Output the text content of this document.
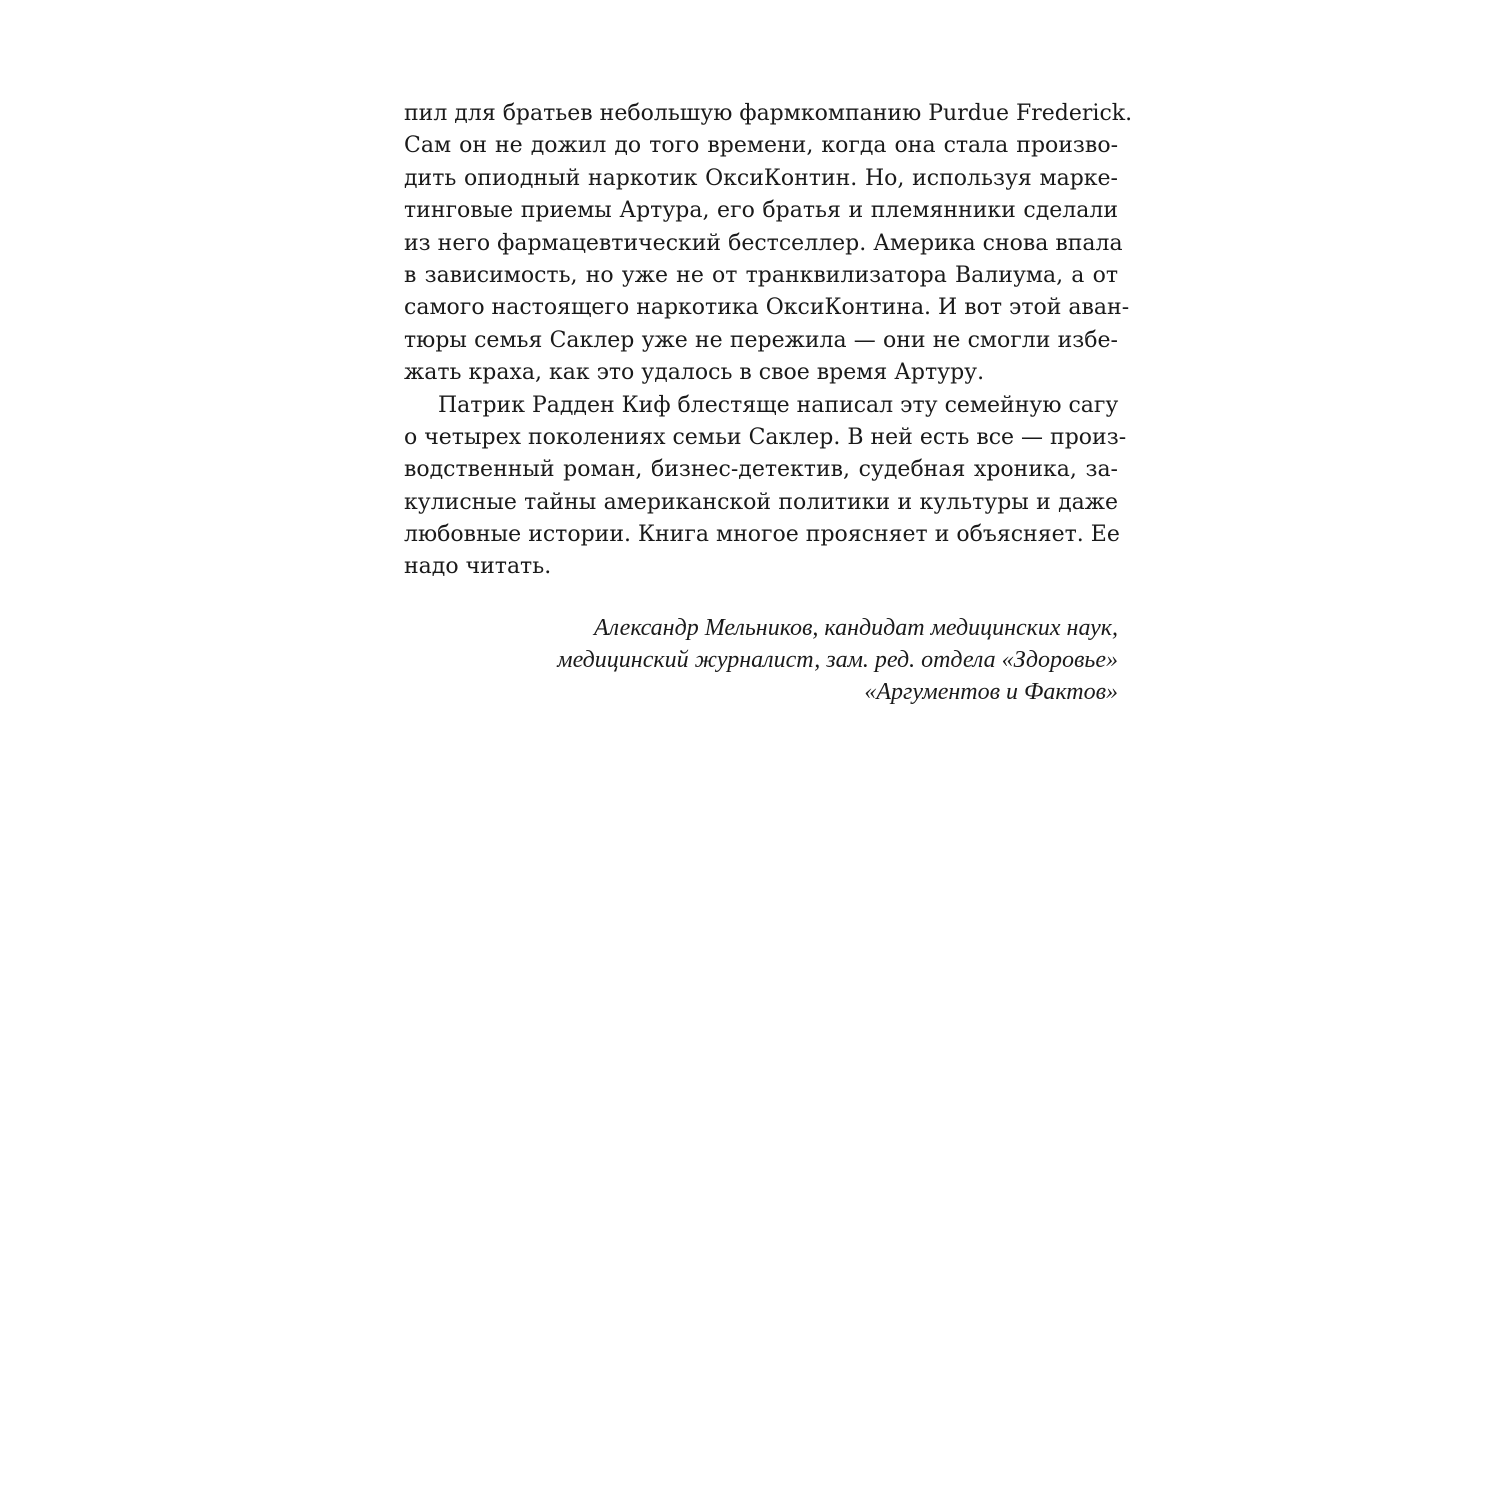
пил для братьев небольшую фармкомпанию Purdue Frederick.
Сам он не дожил до того времени, когда она стала произво-
дить опиодный наркотик ОксиКонтин. Но, используя марке-
тинговые приемы Артура, его братья и племянники сделали
из него фармацевтический бестселлер. Америка снова впала
в зависимость, но уже не от транквилизатора Валиума, а от
самого настоящего наркотика ОксиКонтина. И вот этой аван-
тюры семья Саклер уже не пережила — они не смогли избе-
жать краха, как это удалось в свое время Артуру.
Патрик Радден Киф блестяще написал эту семейную сагу
о четырех поколениях семьи Саклер. В ней есть все — произ-
водственный роман, бизнес-детектив, судебная хроника, за-
кулисные тайны американской политики и культуры и даже
любовные истории. Книга многое проясняет и объясняет. Ее
надо читать.
Александр Мельников, кандидат медицинских наук,
медицинский журналист, зам. ред. отдела «Здоровье»
«Аргументов и Фактов»
